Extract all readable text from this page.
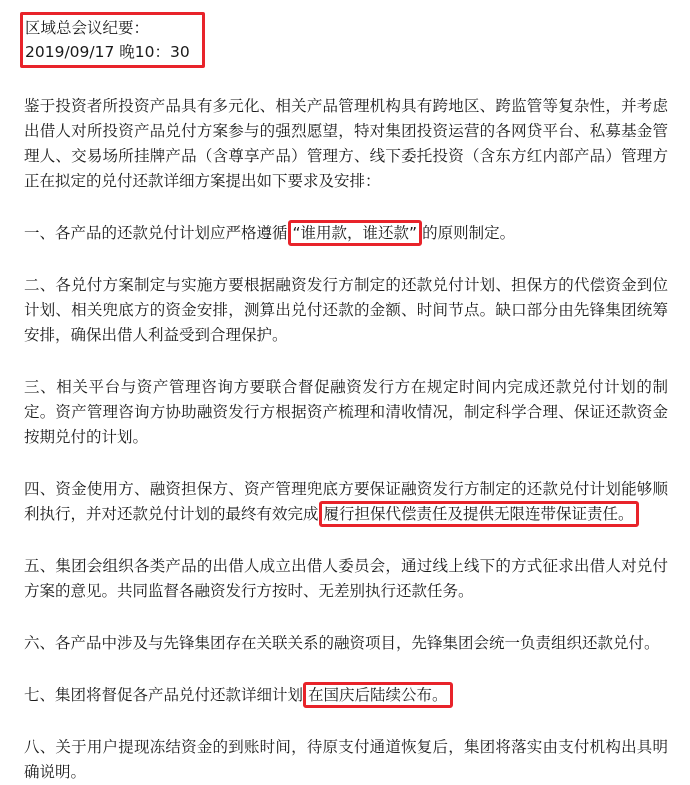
区域总会议纪要：
2019/09/17 晚10：30

鉴于投资者所投资产品具有多元化、相关产品管理机构具有跨地区、跨监管等复杂性，并考虑出借人对所投资产品兑付方案参与的强烈愿望，特对集团投资运营的各网贷平台、私募基金管理人、交易场所挂牌产品（含尊享产品）管理方、线下委托投资（含东方红内部产品）管理方正在拟定的兑付还款详细方案提出如下要求及安排：

一、各产品的还款兑付计划应严格遵循 “谁用款，谁还款” 的原则制定。

二、各兑付方案制定与实施方要根据融资发行方制定的还款兑付计划、担保方的代偿资金到位计划、相关兜底方的资金安排，测算出兑付还款的金额、时间节点。缺口部分由先锋集团统筹安排，确保出借人利益受到合理保护。

三、相关平台与资产管理咨询方要联合督促融资发行方在规定时间内完成还款兑付计划的制定。资产管理咨询方协助融资发行方根据资产梳理和清收情况，制定科学合理、保证还款资金按期兑付的计划。

四、资金使用方、融资担保方、资产管理兜底方要保证融资发行方制定的还款兑付计划能够顺利执行，并对还款兑付计划的最终有效完成 履行担保代偿责任及提供无限连带保证责任。

五、集团会组织各类产品的出借人成立出借人委员会，通过线上线下的方式征求出借人对兑付方案的意见。共同监督各融资发行方按时、无差别执行还款任务。

六、各产品中涉及与先锋集团存在关联关系的融资项目，先锋集团会统一负责组织还款兑付。

七、集团将督促各产品兑付还款详细计划 在国庆后陆续公布。

八、关于用户提现冻结资金的到账时间，待原支付通道恢复后，集团将落实由支付机构出具明确说明。
